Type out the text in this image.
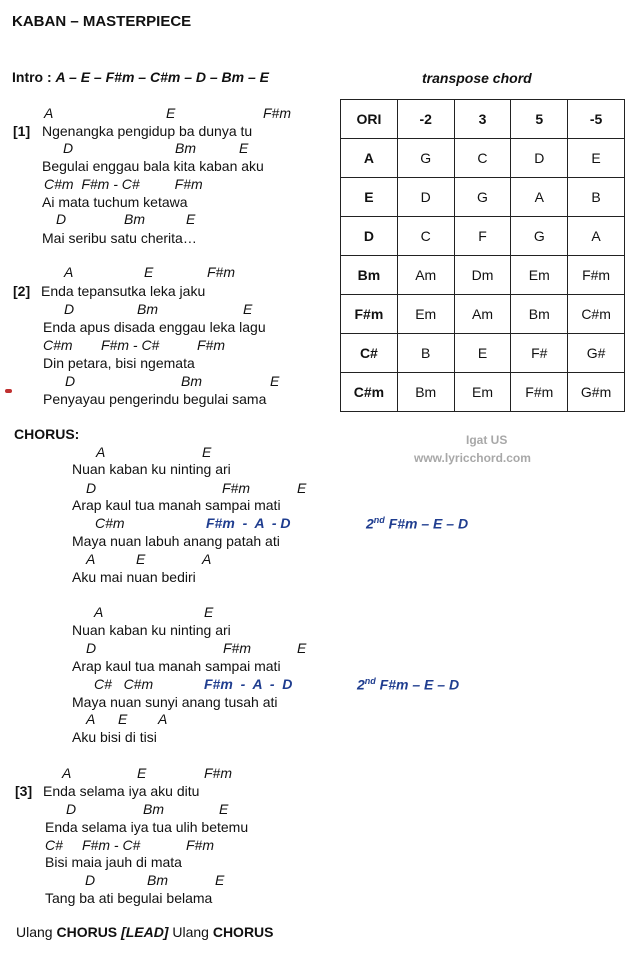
KABAN – MASTERPIECE
Intro : A – E – F#m – C#m – D – Bm – E	transpose chord
ORI	-2	3	5	-5
A	G	C	D	E
E	D	G	A	B
D	C	F	G	A
Bm	Am	Dm	Em	F#m
F#m	Em	Am	Bm	C#m
C#	B	E	F#	G#
C#m	Bm	Em	F#m	G#m
A	E	F#m
[1] Ngenangka pengidup ba dunya tu
D	Bm	E
Begulai enggau bala kita kaban aku
C#m  F#m - C#         F#m
Ai mata tuchum ketawa
D	Bm	E
Mai seribu satu cherita…
A	E	F#m
[2] Enda tepansutka leka jaku
D	Bm	E
Enda apus disada enggau leka lagu
C#m F#m - C#	F#m
Din petara, bisi ngemata
D	Bm	E
Penyayau pengerindu begulai sama
CHORUS:
A	E
Nuan kaban ku ninting ari
D	F#m	E
Arap kaul tua manah sampai mati
C#m	F#m  -  A  - D	2nd F#m – E – D
Maya nuan labuh anang patah ati
A	E	A
Aku mai nuan bediri
Igat US
www.lyricchord.com
A	E
Nuan kaban ku ninting ari
D	F#m	E
Arap kaul tua manah sampai mati
C#   C#m	F#m  -  A  -  D	2nd F#m – E – D
Maya nuan sunyi anang tusah ati
A E A
Aku bisi di tisi
A	E	F#m
[3] Enda selama iya aku ditu
D	Bm	E
Enda selama iya tua ulih betemu
C# F#m - C#	F#m
Bisi maia jauh di mata
D	Bm	E
Tang ba ati begulai belama
Ulang CHORUS [LEAD] Ulang CHORUS
